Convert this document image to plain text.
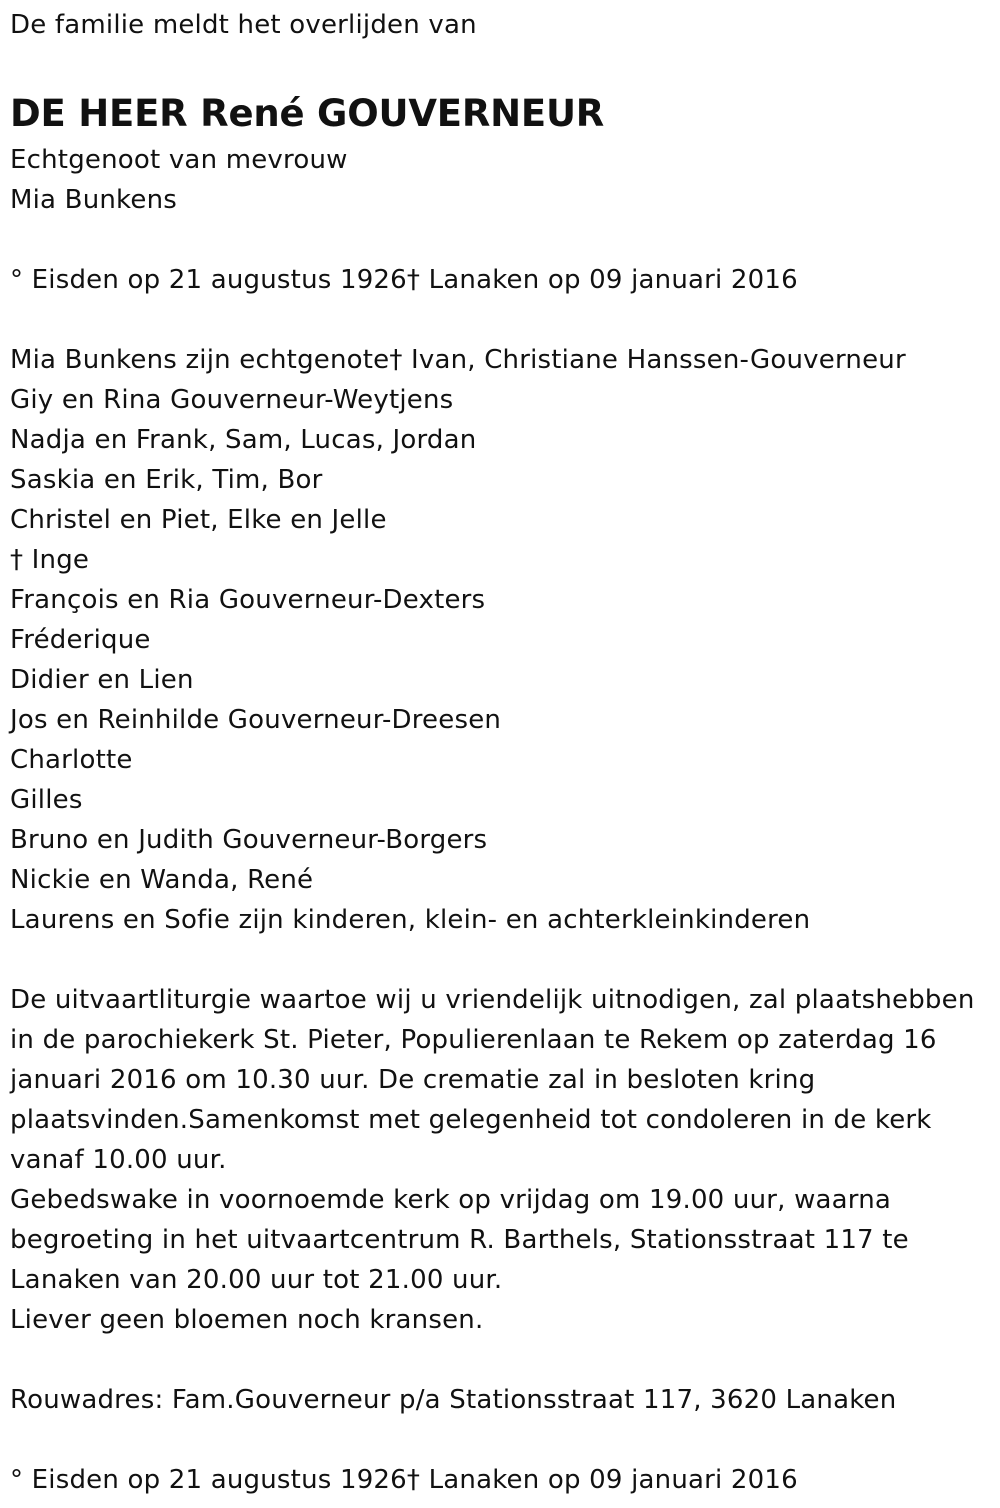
De familie meldt het overlijden van
DE HEER René GOUVERNEUR
Echtgenoot van mevrouw
Mia Bunkens
° Eisden op 21 augustus 1926† Lanaken op 09 januari 2016
Mia Bunkens zijn echtgenote† Ivan, Christiane Hanssen-Gouverneur
Giy en Rina Gouverneur-Weytjens
Nadja en Frank, Sam, Lucas, Jordan
Saskia en Erik, Tim, Bor
Christel en Piet, Elke en Jelle
† Inge
François en Ria Gouverneur-Dexters
Fréderique
Didier en Lien
Jos en Reinhilde Gouverneur-Dreesen
Charlotte
Gilles
Bruno en Judith Gouverneur-Borgers
Nickie en Wanda, René
Laurens en Sofie zijn kinderen, klein- en achterkleinkinderen
De uitvaartliturgie waartoe wij u vriendelijk uitnodigen, zal plaatshebben
in de parochiekerk St. Pieter, Populierenlaan te Rekem op zaterdag 16
januari 2016 om 10.30 uur. De crematie zal in besloten kring
plaatsvinden.Samenkomst met gelegenheid tot condoleren in de kerk
vanaf 10.00 uur.
Gebedswake in voornoemde kerk op vrijdag om 19.00 uur, waarna
begroeting in het uitvaartcentrum R. Barthels, Stationsstraat 117 te
Lanaken van 20.00 uur tot 21.00 uur.
Liever geen bloemen noch kransen.
Rouwadres: Fam.Gouverneur p/a Stationsstraat 117, 3620 Lanaken
° Eisden op 21 augustus 1926† Lanaken op 09 januari 2016
